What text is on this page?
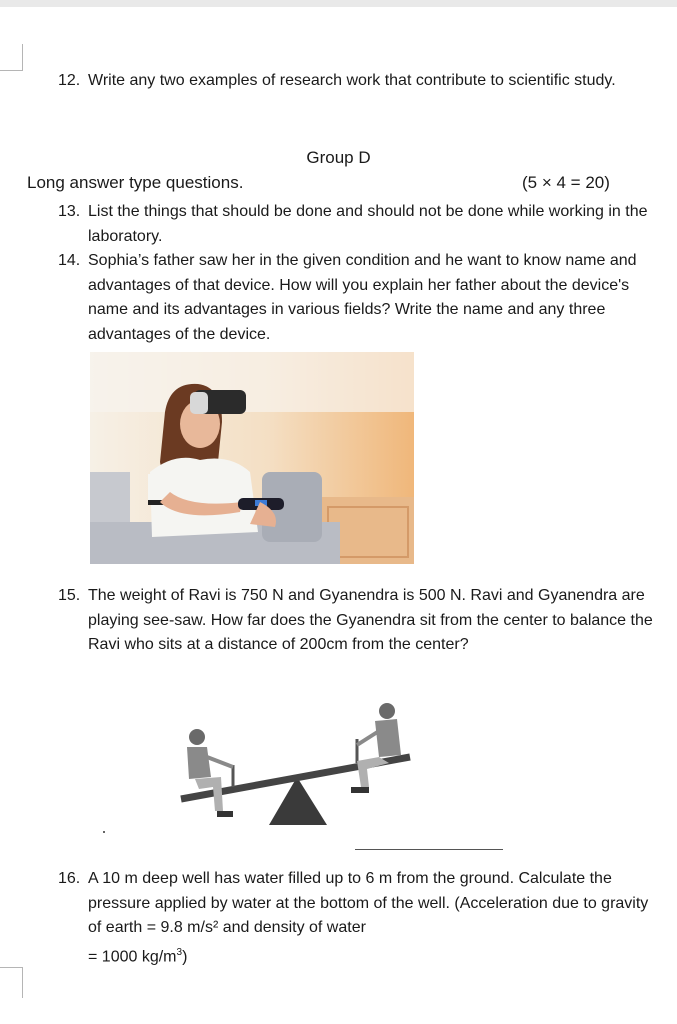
12. Write any two examples of research work that contribute to scientific study.
Group D
Long answer type questions.	(5 × 4 = 20)
13. List the things that should be done and should not be done while working in the laboratory.
14. Sophia’s father saw her in the given condition and he want to know name and advantages of that device. How will you explain her father about the device's name and its advantages in various fields? Write the name and any three advantages of the device.
15. The weight of Ravi is 750 N and Gyanendra is 500 N. Ravi and Gyanendra are playing see-saw. How far does the Gyanendra sit from the center to balance the Ravi who sits at a distance of 200cm from the center?
16. A 10 m deep well has water filled up to 6 m from the ground. Calculate the pressure applied by water at the bottom of the well. (Acceleration due to gravity of earth = 9.8 m/s² and density of water
= 1000 $kg/m^3$)
